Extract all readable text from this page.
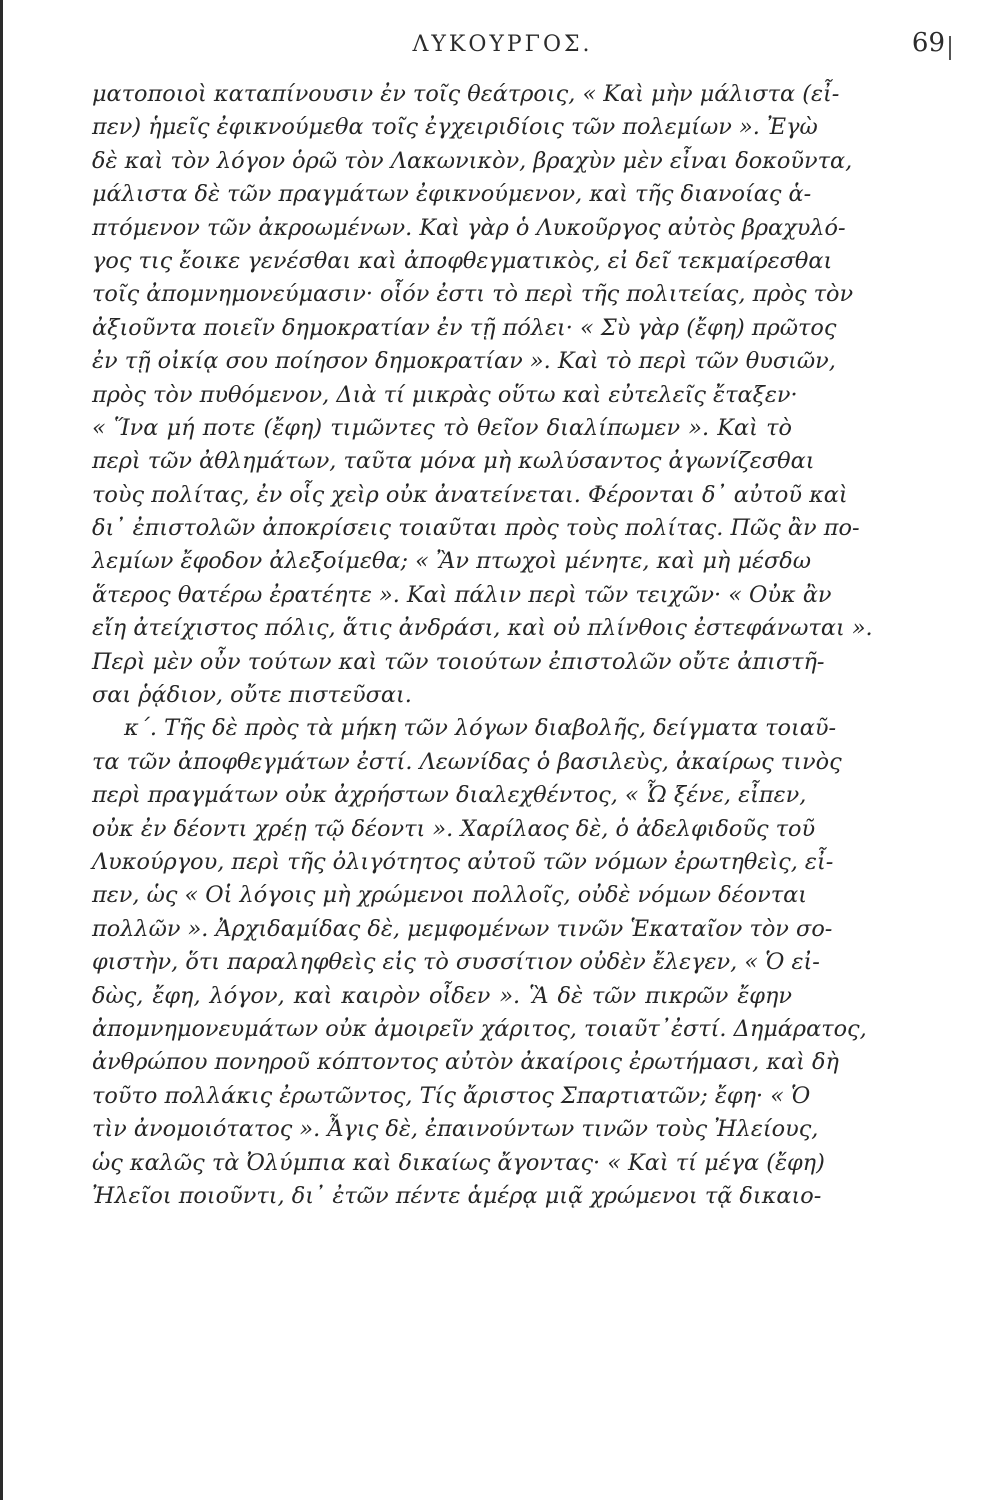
ΛΥΚΟΥΡΓΟΣ.	69
ματοποιοὶ καταπίνουσιν ἐν τοῖς θεάτροις, « Καὶ μὴν μάλιστα (εἶ-
πεν) ἡμεῖς ἐφικνούμεθα τοῖς ἐγχειριδίοις τῶν πολεμίων ». Ἐγὼ
δὲ καὶ τὸν λόγον ὁρῶ τὸν Λακωνικὸν, βραχὺν μὲν εἶναι δοκοῦντα,
μάλιστα δὲ τῶν πραγμάτων ἐφικνούμενον, καὶ τῆς διανοίας ἁ-
πτόμενον τῶν ἀκροωμένων. Καὶ γὰρ ὁ Λυκοῦργος αὐτὸς βραχυλό-
γος τις ἔοικε γενέσθαι καὶ ἀποφθεγματικὸς, εἰ δεῖ τεκμαίρεσθαι
τοῖς ἀπομνημονεύμασιν· οἷόν ἐστι τὸ περὶ τῆς πολιτείας, πρὸς τὸν
ἀξιοῦντα ποιεῖν δημοκρατίαν ἐν τῇ πόλει· « Σὺ γὰρ (ἔφη) πρῶτος
ἐν τῇ οἰκίᾳ σου ποίησον δημοκρατίαν ». Καὶ τὸ περὶ τῶν θυσιῶν,
πρὸς τὸν πυθόμενον, Διὰ τί μικρὰς οὕτω καὶ εὐτελεῖς ἔταξεν·
« Ἵνα μή ποτε (ἔφη) τιμῶντες τὸ θεῖον διαλίπωμεν ». Καὶ τὸ
περὶ τῶν ἀθλημάτων, ταῦτα μόνα μὴ κωλύσαντος ἀγωνίζεσθαι
τοὺς πολίτας, ἐν οἷς χεὶρ οὐκ ἀνατείνεται. Φέρονται δ᾽ αὐτοῦ καὶ
δι᾽ ἐπιστολῶν ἀποκρίσεις τοιαῦται πρὸς τοὺς πολίτας. Πῶς ἂν πο-
λεμίων ἔφοδον ἀλεξοίμεθα; « Ἂν πτωχοὶ μένητε, καὶ μὴ μέσδω
ἅτερος θατέρω ἐρατέητε ». Καὶ πάλιν περὶ τῶν τειχῶν· « Οὐκ ἂν
εἴη ἀτείχιστος πόλις, ἅτις ἀνδράσι, καὶ οὐ πλίνθοις ἐστεφάνωται ».
Περὶ μὲν οὖν τούτων καὶ τῶν τοιούτων ἐπιστολῶν οὔτε ἀπιστῆ-
σαι ῥᾴδιον, οὔτε πιστεῦσαι.
κ΄. Τῆς δὲ πρὸς τὰ μήκη τῶν λόγων διαβολῆς, δείγματα τοιαῦ-
τα τῶν ἀποφθεγμάτων ἐστί. Λεωνίδας ὁ βασιλεὺς, ἀκαίρως τινὸς
περὶ πραγμάτων οὐκ ἀχρήστων διαλεχθέντος, « Ὦ ξένε, εἶπεν,
οὐκ ἐν δέοντι χρέῃ τῷ δέοντι ». Χαρίλαος δὲ, ὁ ἀδελφιδοῦς τοῦ
Λυκούργου, περὶ τῆς ὀλιγότητος αὐτοῦ τῶν νόμων ἐρωτηθεὶς, εἶ-
πεν, ὡς « Οἱ λόγοις μὴ χρώμενοι πολλοῖς, οὐδὲ νόμων δέονται
πολλῶν ». Ἀρχιδαμίδας δὲ, μεμφομένων τινῶν Ἑκαταῖον τὸν σο-
φιστὴν, ὅτι παραληφθεὶς εἰς τὸ συσσίτιον οὐδὲν ἔλεγεν, « Ὁ εἰ-
δὼς, ἔφη, λόγον, καὶ καιρὸν οἶδεν ». Ἃ δὲ τῶν πικρῶν ἔφην
ἀπομνημονευμάτων οὐκ ἀμοιρεῖν χάριτος, τοιαῦτ᾽ἐστί. Δημάρατος,
ἀνθρώπου πονηροῦ κόπτοντος αὐτὸν ἀκαίροις ἐρωτήμασι, καὶ δὴ
τοῦτο πολλάκις ἐρωτῶντος, Τίς ἄριστος Σπαρτιατῶν; ἔφη· « Ὁ
τὶν ἀνομοιότατος ». Ἆγις δὲ, ἐπαινούντων τινῶν τοὺς Ἠλείους,
ὡς καλῶς τὰ Ὀλύμπια καὶ δικαίως ἄγοντας· « Καὶ τί μέγα (ἔφη)
Ἠλεῖοι ποιοῦντι, δι᾽ ἐτῶν πέντε ἁμέρᾳ μιᾷ χρώμενοι τᾷ δικαιο-
